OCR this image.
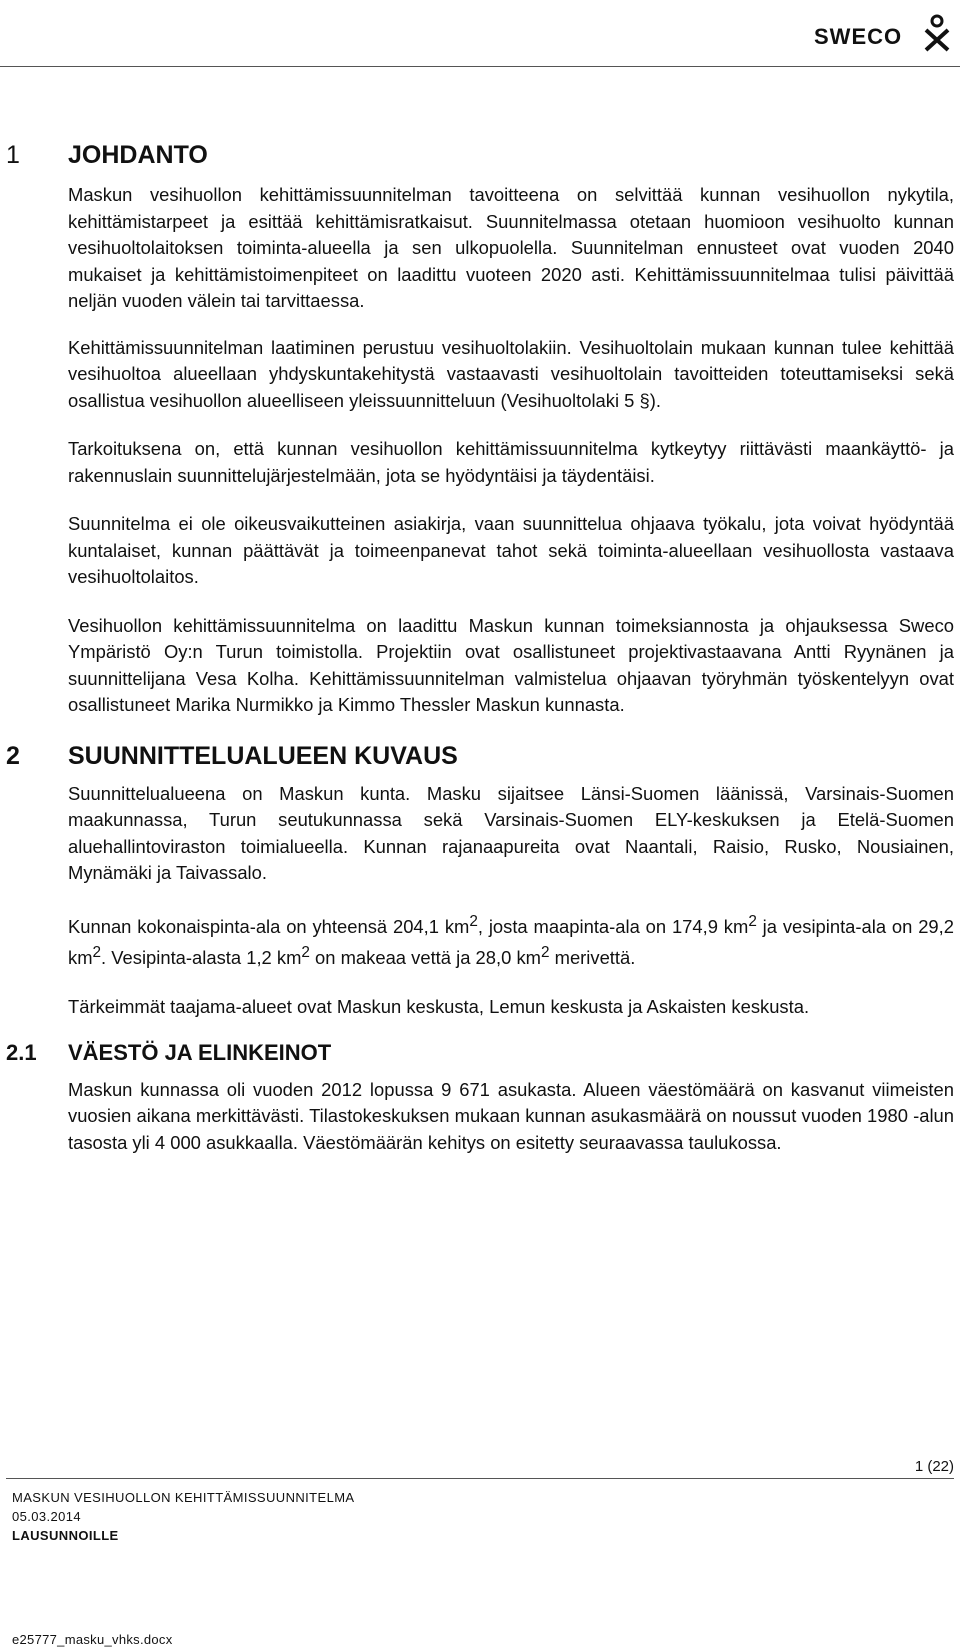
SWECO
1 JOHDANTO

Maskun vesihuollon kehittämissuunnitelman tavoitteena on selvittää kunnan vesihuollon nykytila, kehittämistarpeet ja esittää kehittämisratkaisut. Suunnitelmassa otetaan huomioon vesihuolto kunnan vesihuoltolaitoksen toiminta-alueella ja sen ulkopuolella. Suunnitelman ennusteet ovat vuoden 2040 mukaiset ja kehittämistoimenpiteet on laadittu vuoteen 2020 asti. Kehittämissuunnitelmaa tulisi päivittää neljän vuoden välein tai tarvittaessa.

Kehittämissuunnitelman laatiminen perustuu vesihuoltolakiin. Vesihuoltolain mukaan kunnan tulee kehittää vesihuoltoa alueellaan yhdyskuntakehitystä vastaavasti vesihuoltolain tavoitteiden toteuttamiseksi sekä osallistua vesihuollon alueelliseen yleissuunnitteluun (Vesihuoltolaki 5 §).

Tarkoituksena on, että kunnan vesihuollon kehittämissuunnitelma kytkeytyy riittävästi maankäyttö- ja rakennuslain suunnittelujärjestelmään, jota se hyödyntäisi ja täydentäisi.

Suunnitelma ei ole oikeusvaikutteinen asiakirja, vaan suunnittelua ohjaava työkalu, jota voivat hyödyntää kuntalaiset, kunnan päättävät ja toimeenpanevat tahot sekä toiminta-alueellaan vesihuollosta vastaava vesihuoltolaitos.

Vesihuollon kehittämissuunnitelma on laadittu Maskun kunnan toimeksiannosta ja ohjauksessa Sweco Ympäristö Oy:n Turun toimistolla. Projektiin ovat osallistuneet projektivastaavana Antti Ryynänen ja suunnittelijana Vesa Kolha. Kehittämissuunnitelman valmistelua ohjaavan työryhmän työskentelyyn ovat osallistuneet Marika Nurmikko ja Kimmo Thessler Maskun kunnasta.

2 SUUNNITTELUALUEEN KUVAUS

Suunnittelualueena on Maskun kunta. Masku sijaitsee Länsi-Suomen läänissä, Varsinais-Suomen maakunnassa, Turun seutukunnassa sekä Varsinais-Suomen ELY-keskuksen ja Etelä-Suomen aluehallintoviraston toimialueella. Kunnan rajanaapureita ovat Naantali, Raisio, Rusko, Nousiainen, Mynämäki ja Taivassalo.

Kunnan kokonaispinta-ala on yhteensä 204,1 $km^2$, josta maapinta-ala on 174,9 $km^2$ ja vesipinta-ala on 29,2 $km^2$. Vesipinta-alasta 1,2 $km^2$ on makeaa vettä ja 28,0 $km^2$ merivettä.

Tärkeimmät taajama-alueet ovat Maskun keskusta, Lemun keskusta ja Askaisten keskusta.

2.1 VÄESTÖ JA ELINKEINOT

Maskun kunnassa oli vuoden 2012 lopussa 9 671 asukasta. Alueen väestömäärä on kasvanut viimeisten vuosien aikana merkittävästi. Tilastokeskuksen mukaan kunnan asukasmäärä on noussut vuoden 1980 -alun tasosta yli 4 000 asukkaalla. Väestömäärän kehitys on esitetty seuraavassa taulukossa.

1 (22)
MASKUN VESIHUOLLON KEHITTÄMISSUUNNITELMA
05.03.2014
LAUSUNNOILLE
e25777_masku_vhks.docx
